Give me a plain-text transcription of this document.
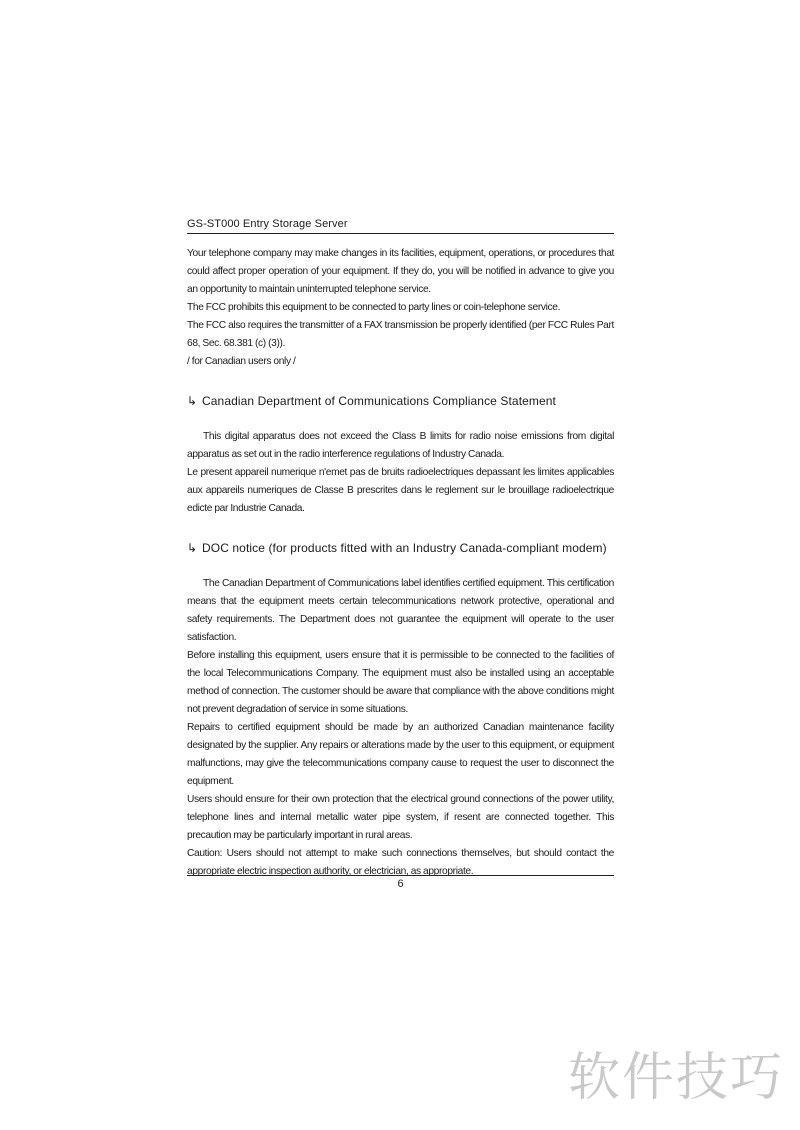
GS-ST000 Entry Storage Server

Your telephone company may make changes in its facilities, equipment, operations, or procedures that could affect proper operation of your equipment. If they do, you will be notified in advance to give you an opportunity to maintain uninterrupted telephone service.

The FCC prohibits this equipment to be connected to party lines or coin-telephone service.

The FCC also requires the transmitter of a FAX transmission be properly identified (per FCC Rules Part 68, Sec. 68.381 (c) (3)).

/ for Canadian users only /

↳ Canadian Department of Communications Compliance Statement

This digital apparatus does not exceed the Class B limits for radio noise emissions from digital apparatus as set out in the radio interference regulations of Industry Canada.

Le present appareil numerique n'emet pas de bruits radioelectriques depassant les limites applicables aux appareils numeriques de Classe B prescrites dans le reglement sur le brouillage radioelectrique edicte par Industrie Canada.

↳ DOC notice (for products fitted with an Industry Canada-compliant modem)

The Canadian Department of Communications label identifies certified equipment. This certification means that the equipment meets certain telecommunications network protective, operational and safety requirements. The Department does not guarantee the equipment will operate to the user satisfaction.

Before installing this equipment, users ensure that it is permissible to be connected to the facilities of the local Telecommunications Company. The equipment must also be installed using an acceptable method of connection. The customer should be aware that compliance with the above conditions might not prevent degradation of service in some situations.

Repairs to certified equipment should be made by an authorized Canadian maintenance facility designated by the supplier. Any repairs or alterations made by the user to this equipment, or equipment malfunctions, may give the telecommunications company cause to request the user to disconnect the equipment.

Users should ensure for their own protection that the electrical ground connections of the power utility, telephone lines and internal metallic water pipe system, if resent are connected together. This precaution may be particularly important in rural areas.

Caution: Users should not attempt to make such connections themselves, but should contact the appropriate electric inspection authority, or electrician, as appropriate.

6
软件技巧
